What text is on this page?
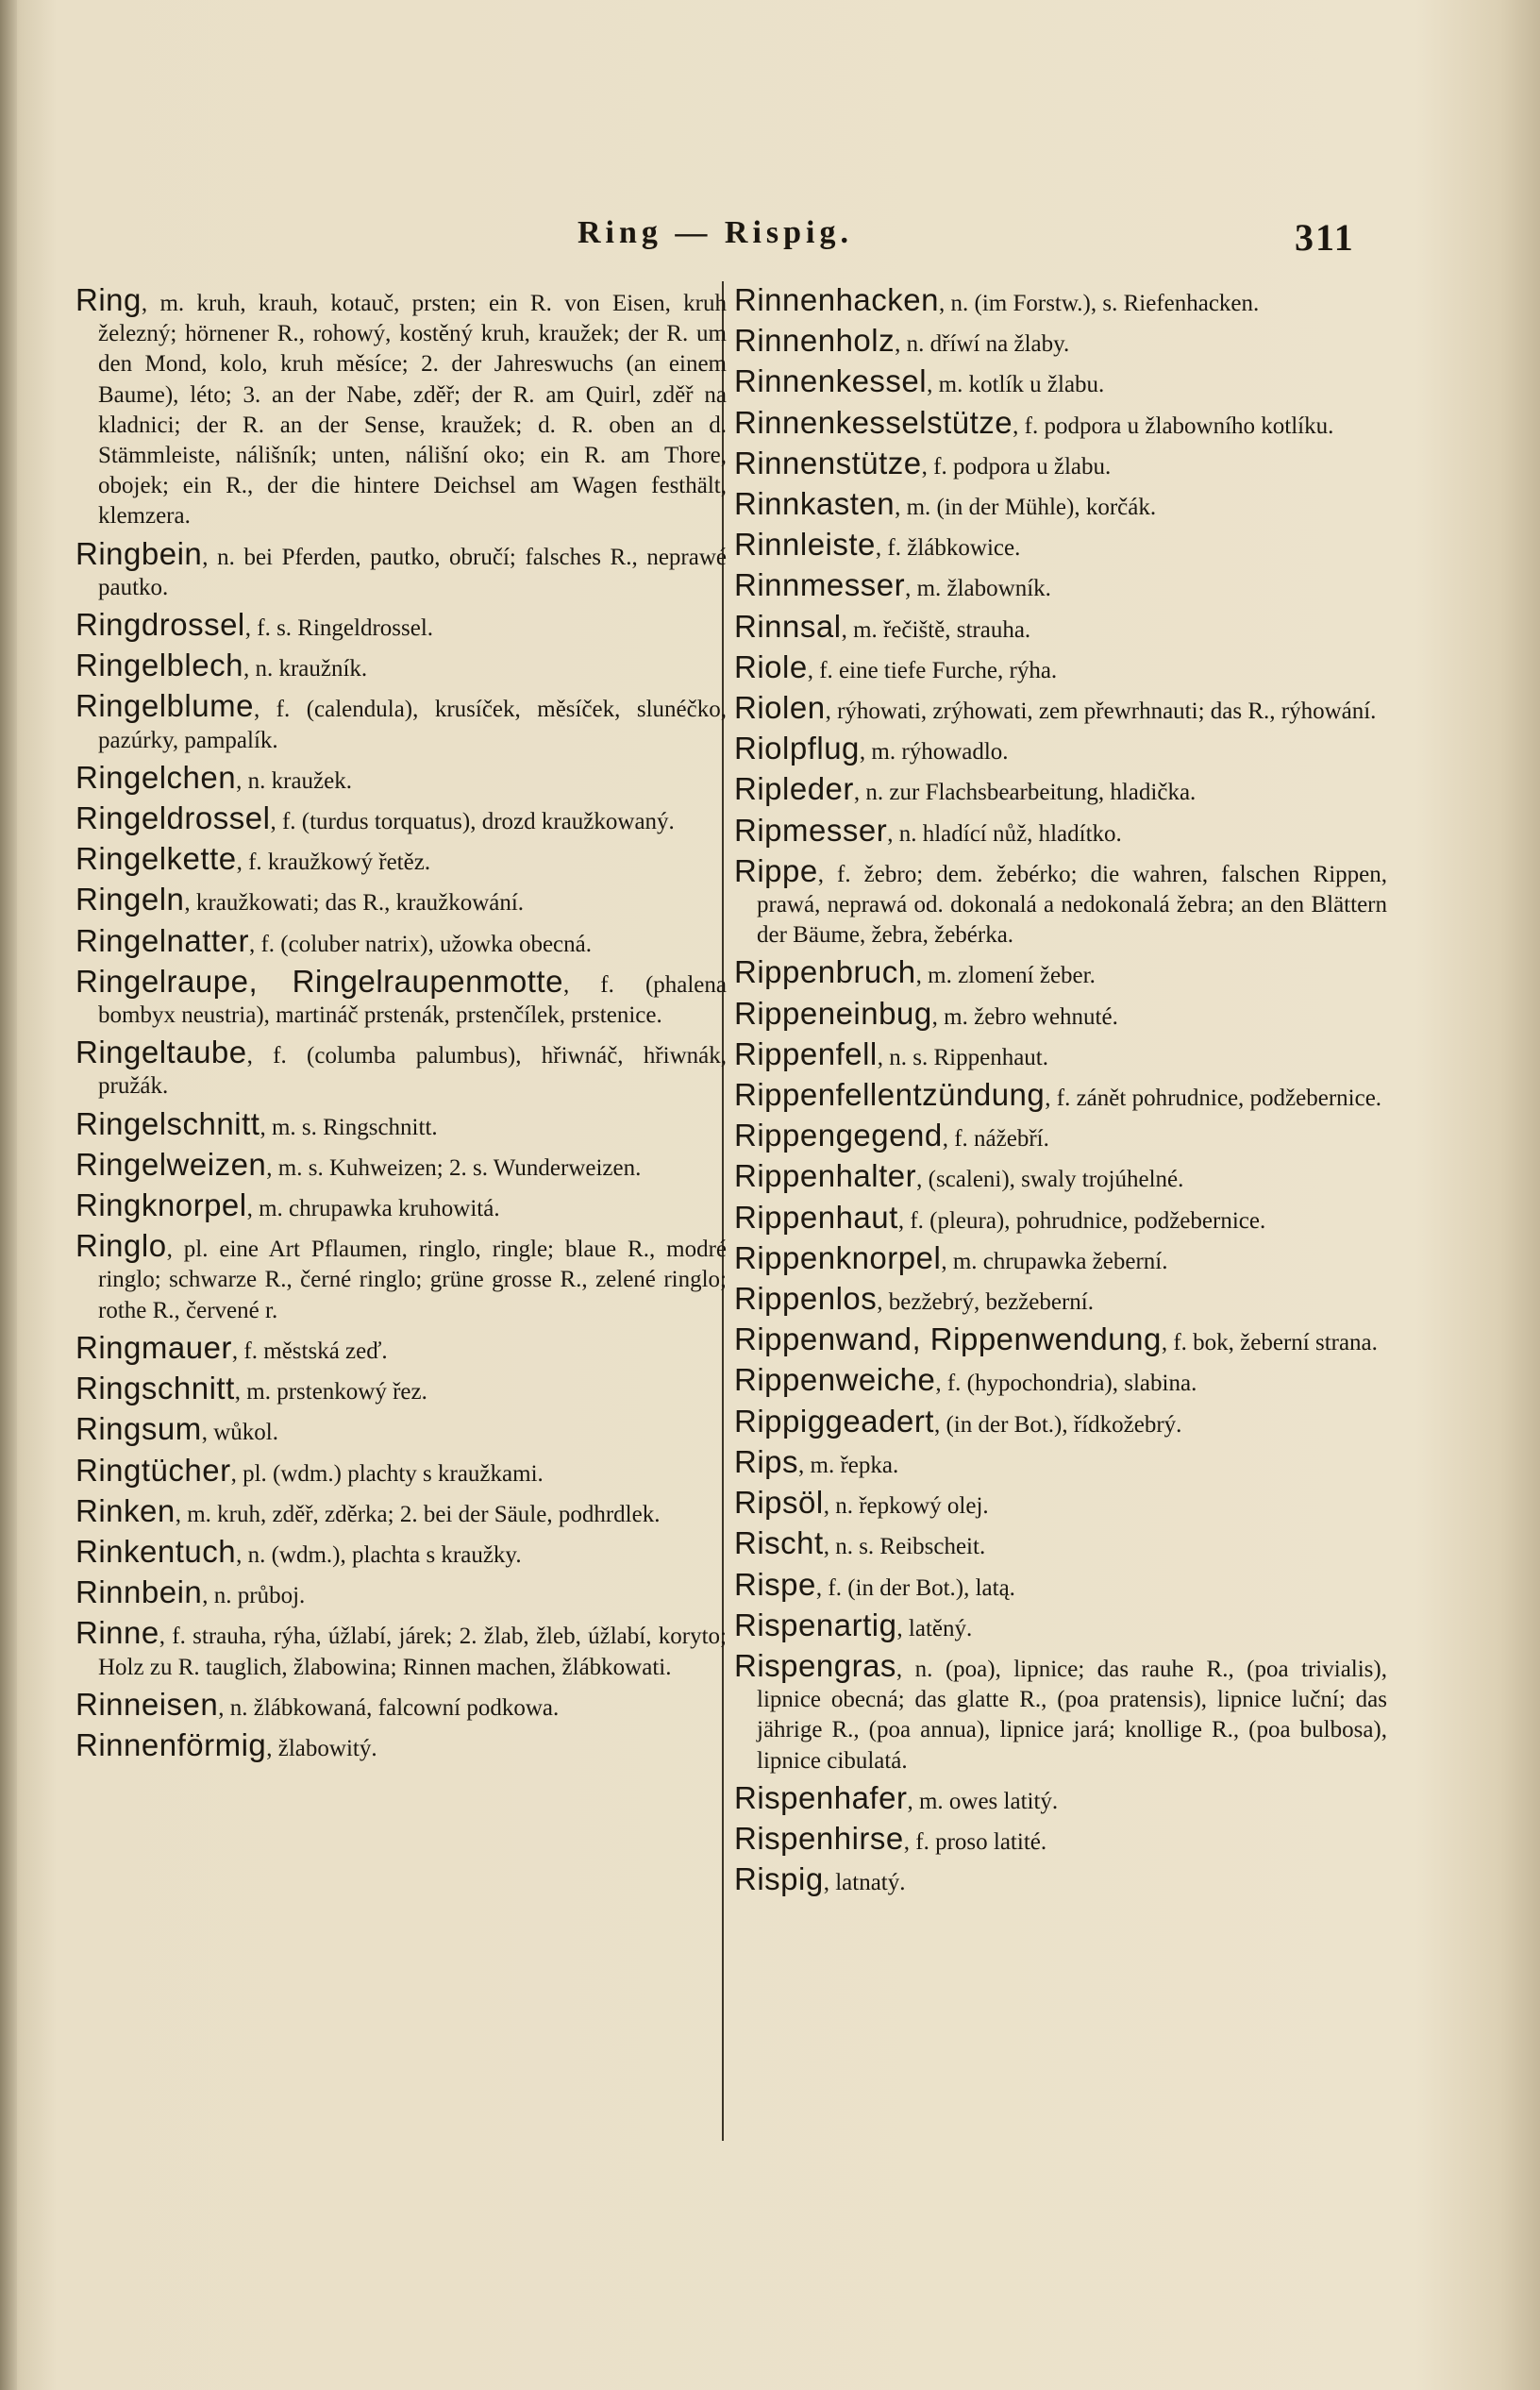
Ring — Rispig.	311

Ring, m. kruh, krauh, kotauč, prsten; ein R. von Eisen, kruh železný; hörnener R., rohowý, kostěný kruh, kraužek; der R. um den Mond, kolo, kruh měsíce; 2. der Jahreswuchs (an einem Baume), léto; 3. an der Nabe, zděř; der R. am Quirl, zděř na kladnici; der R. an der Sense, kraužek; d. R. oben an d. Stämmleiste, nálišník; unten, nálišní oko; ein R. am Thore, obojek; ein R., der die hintere Deichsel am Wagen festhält, klemzera.

Ringbein, n. bei Pferden, pautko, obručí; falsches R., neprawé pautko.

Ringdrossel, f. s. Ringeldrossel.

Ringelblech, n. kraužník.

Ringelblume, f. (calendula), krusíček, měsíček, slunéčko, pazúrky, pampalík.

Ringelchen, n. kraužek.

Ringeldrossel, f. (turdus torquatus), drozd kraužkowaný.

Ringelkette, f. kraužkowý řetěz.

Ringeln, kraužkowati; das R., kraužkowání.

Ringelnatter, f. (coluber natrix), užowka obecná.

Ringelraupe, Ringelraupenmotte, f. (phalena bombyx neustria), martináč prstenák, prstenčílek, prstenice.

Ringeltaube, f. (columba palumbus), hřiwnáč, hřiwnák, pružák.

Ringelschnitt, m. s. Ringschnitt.

Ringelweizen, m. s. Kuhweizen; 2. s. Wunderweizen.

Ringknorpel, m. chrupawka kruhowitá.

Ringlo, pl. eine Art Pflaumen, ringlo, ringle; blaue R., modré ringlo; schwarze R., černé ringlo; grüne grosse R., zelené ringlo; rothe R., červené r.

Ringmauer, f. městská zeď.

Ringschnitt, m. prstenkowý řez.

Ringsum, wůkol.

Ringtücher, pl. (wdm.) plachty s kraužkami.

Rinken, m. kruh, zděř, zděrka; 2. bei der Säule, podhrdlek.

Rinkentuch, n. (wdm.), plachta s kraužky.

Rinnbein, n. průboj.

Rinne, f. strauha, rýha, úžlabí, járek; 2. žlab, žleb, úžlabí, koryto; Holz zu R. tauglich, žlabowina; Rinnen machen, žlábkowati.

Rinneisen, n. žlábkowaná, falcowní podkowa.

Rinnenförmig, žlabowitý.

Rinnenhacken, n. (im Forstw.), s. Riefenhacken.

Rinnenholz, n. dříwí na žlaby.

Rinnenkessel, m. kotlík u žlabu.

Rinnenkesselstütze, f. podpora u žlabowního kotlíku.

Rinnenstütze, f. podpora u žlabu.

Rinnkasten, m. (in der Mühle), korčák.

Rinnleiste, f. žlábkowice.

Rinnmesser, m. žlabowník.

Rinnsal, m. řečiště, strauha.

Riole, f. eine tiefe Furche, rýha.

Riolen, rýhowati, zrýhowati, zem přewrhnauti; das R., rýhowání.

Riolpflug, m. rýhowadlo.

Ripleder, n. zur Flachsbearbeitung, hladička.

Ripmesser, n. hladící nůž, hladítko.

Rippe, f. žebro; dem. žebérko; die wahren, falschen Rippen, prawá, neprawá od. dokonalá a nedokonalá žebra; an den Blättern der Bäume, žebra, žebérka.

Rippenbruch, m. zlomení žeber.

Rippeneinbug, m. žebro wehnuté.

Rippenfell, n. s. Rippenhaut.

Rippenfellentzündung, f. zánět pohrudnice, podžebernice.

Rippengegend, f. nážebří.

Rippenhalter, (scaleni), swaly trojúhelné.

Rippenhaut, f. (pleura), pohrudnice, podžebernice.

Rippenknorpel, m. chrupawka žeberní.

Rippenlos, bezžebrý, bezžeberní.

Rippenwand, Rippenwendung, f. bok, žeberní strana.

Rippenweiche, f. (hypochondria), slabina.

Rippiggeadert, (in der Bot.), řídkožebrý.

Rips, m. řepka.

Ripsöl, n. řepkowý olej.

Rischt, n. s. Reibscheit.

Rispe, f. (in der Bot.), latą.

Rispenartig, latěný.

Rispengras, n. (poa), lipnice; das rauhe R., (poa trivialis), lipnice obecná; das glatte R., (poa pratensis), lipnice luční; das jährige R., (poa annua), lipnice jará; knollige R., (poa bulbosa), lipnice cibulatá.

Rispenhafer, m. owes latitý.

Rispenhirse, f. proso latité.

Rispig, latnatý.
